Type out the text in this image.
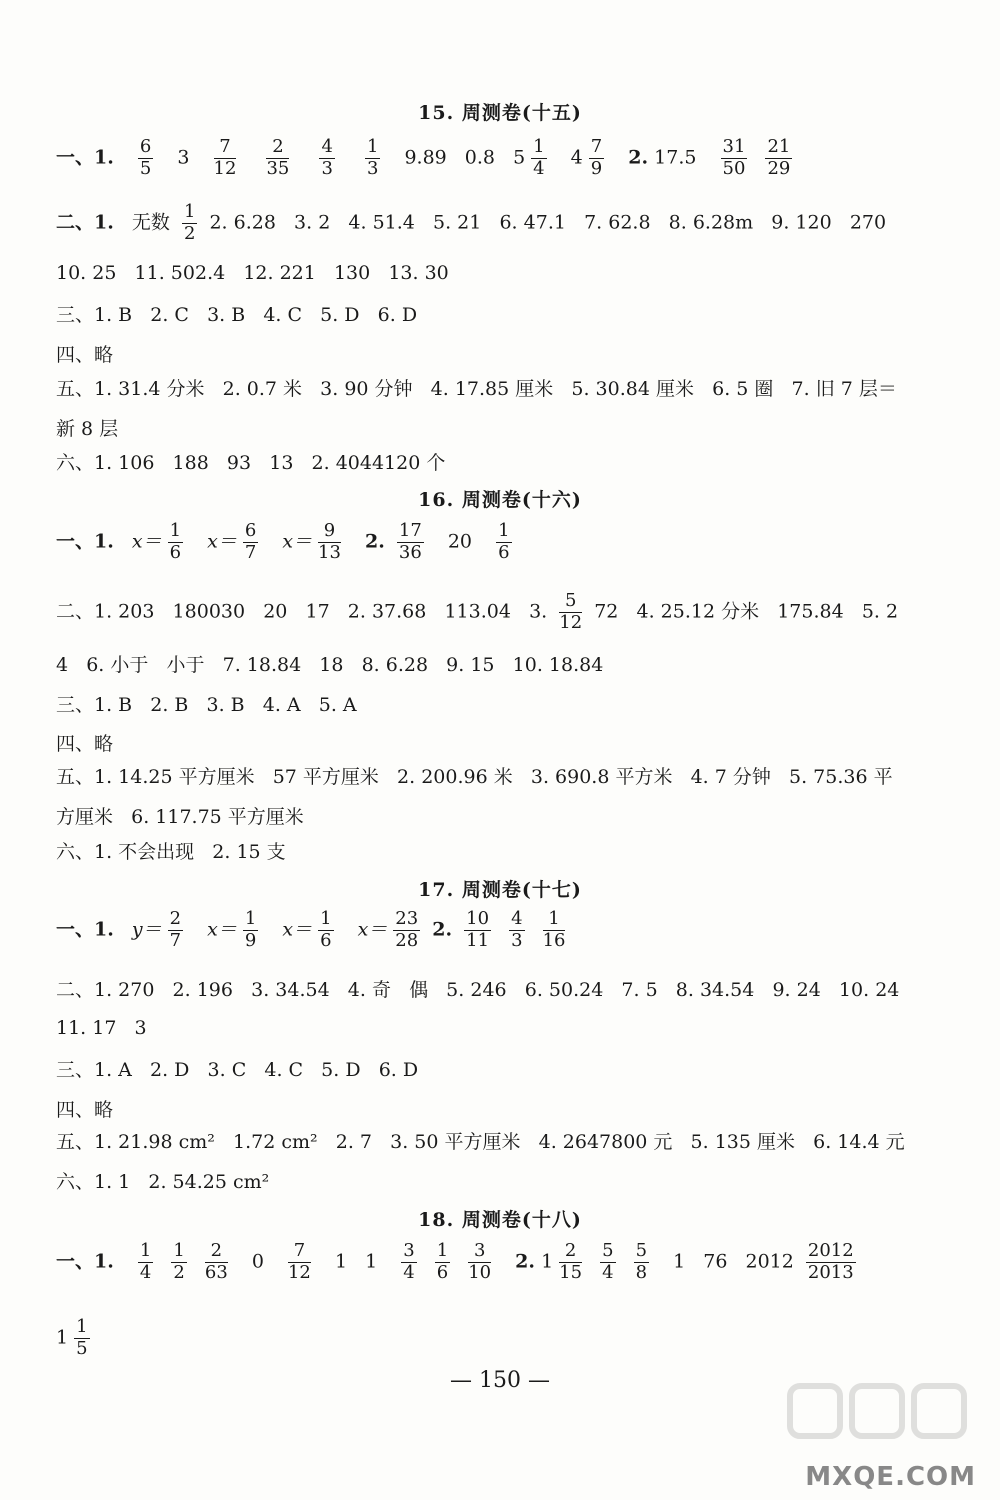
15. 周测卷(十五)
一、1. $\frac{6}{5} 3 \frac{7}{12}$
$\frac{2}{35}$
$\frac{4}{3}$
$\frac{1}{3} 9.89$ 0.8 $5 \frac{1}{4} 4 \frac{7}{9} 2$. $17.5 \frac{31}{50}$
$\frac{21}{29}$
二、1. 无数 $\frac{1}{2} 2$. 6.28   3. 2   4. 51.4   5. 21   6. 47.1   7. 62.8   8. 6.28m   9. 120   270
10. 25   11. 502.4   12. 221   130   13. 30
三、1. B   2. C   3. B   4. C   5. D   6. D
四、略
五、1. 31.4 分米   2. 0.7 米   3. 90 分钟   4. 17.85 厘米   5. 30.84 厘米   6. 5 圈   7. 旧 7 层＝
新 8 层
六、1. 106   188   93   13   2. 4044120 个
16. 周测卷(十六)
一、1. $x= \frac{1}{6} x= \frac{6}{7} x= \frac{9}{13} 2$. $\frac{17}{36} 20 \frac{1}{6}$
二、1. 203   180030   20   17   2. 37.68   113.04   3. $\frac{5}{12} 72$   4. 25.12 分米   175.84   5. 2
4   6. 小于   小于   7. 18.84   18   8. 6.28   9. 15   10. 18.84
三、1. B   2. B   3. B   4. A   5. A
四、略
五、1. 14.25 平方厘米   57 平方厘米   2. 200.96 米   3. 690.8 平方米   4. 7 分钟   5. 75.36 平
方厘米   6. 117.75 平方厘米
六、1. 不会出现   2. 15 支
17. 周测卷(十七)
一、1. $y= \frac{2}{7} x= \frac{1}{9} x= \frac{1}{6} x= \frac{23}{28} 2$. $\frac{10}{11}$
$\frac{4}{3}$
$\frac{1}{16}$
二、1. 270   2. 196   3. 34.54   4. 奇   偶   5. 246   6. 50.24   7. 5   8. 34.54   9. 24   10. 24
11. 17   3
三、1. A   2. D   3. C   4. C   5. D   6. D
四、略
五、1. 21.98 cm²   1.72 cm²   2. 7   3. 50 平方厘米   4. 2647800 元   5. 135 厘米   6. 14.4 元
六、1. 1   2. 54.25 cm²
18. 周测卷(十八)
一、1. $\frac{1}{4}$
$\frac{1}{2}$
$\frac{2}{63} 0 \frac{7}{12} 1$ $1 \frac{3}{4}$
$\frac{1}{6}$
$\frac{3}{10} 2$. $1 \frac{2}{15}$
$\frac{5}{4}$
$\frac{5}{8} 1$ 76 $2012 \frac{2012}{2013}$
$1 \frac{1}{5}$
— 150 —
MXQE.COM
